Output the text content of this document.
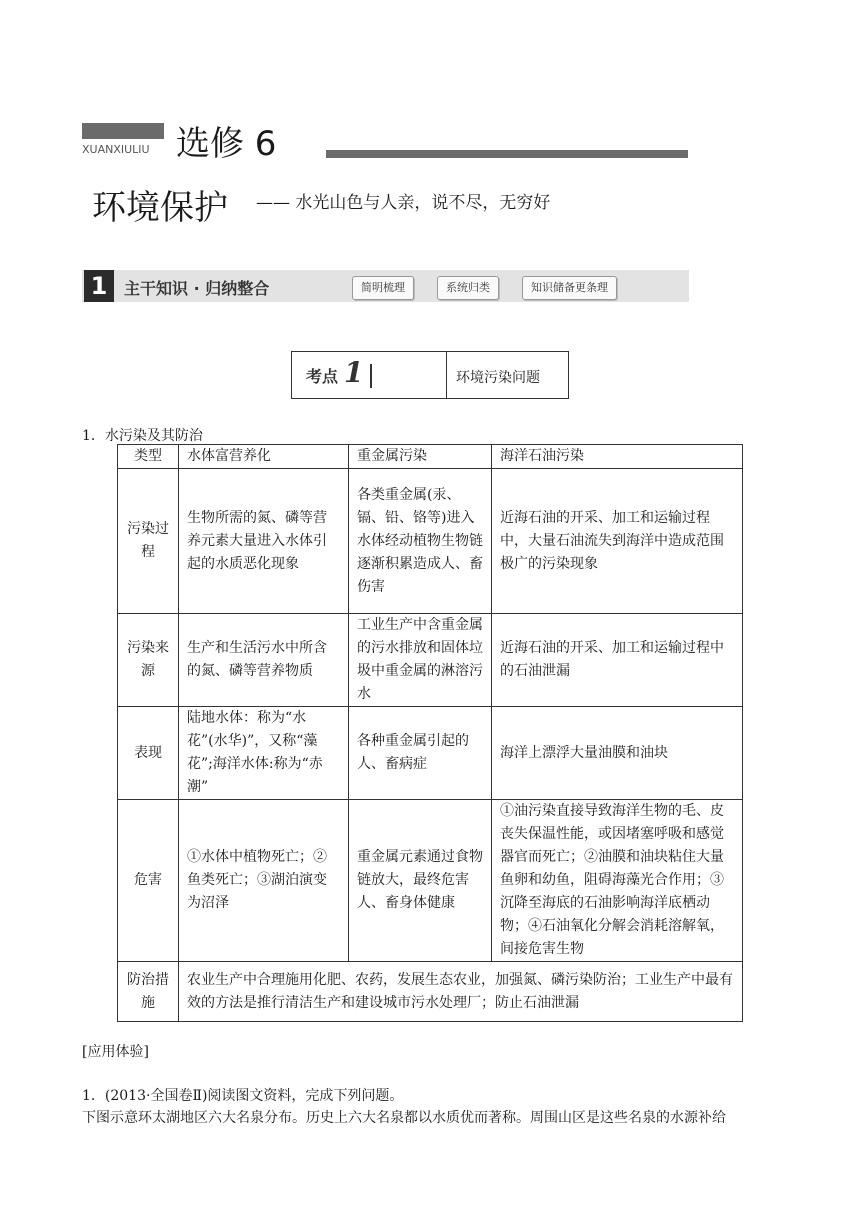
XUANXIULIU 选修 6
环境保护 —— 水光山色与人亲，说不尽，无穷好
1	主干知识 · 归纳整合	简明梳理	系统归类	知识储备更条理
考点 1	环境污染问题
1．水污染及其防治
类型	水体富营养化	重金属污染	海洋石油污染
污染过程	生物所需的氮、磷等营养元素大量进入水体引起的水质恶化现象	各类重金属(汞、镉、铅、铬等)进入水体经动植物生物链逐渐积累造成人、畜伤害	近海石油的开采、加工和运输过程中，大量石油流失到海洋中造成范围极广的污染现象
污染来源	生产和生活污水中所含的氮、磷等营养物质	工业生产中含重金属的污水排放和固体垃圾中重金属的淋溶污水	近海石油的开采、加工和运输过程中的石油泄漏
表现	陆地水体：称为“水花”(水华)”，又称“藻花”;海洋水体:称为“赤潮”	各种重金属引起的人、畜病症	海洋上漂浮大量油膜和油块
危害	①水体中植物死亡；②鱼类死亡；③湖泊演变为沼泽	重金属元素通过食物链放大，最终危害人、畜身体健康	①油污染直接导致海洋生物的毛、皮丧失保温性能，或因堵塞呼吸和感觉器官而死亡；②油膜和油块粘住大量鱼卵和幼鱼，阻碍海藻光合作用；③沉降至海底的石油影响海洋底栖动物；④石油氧化分解会消耗溶解氧，间接危害生物
防治措施	农业生产中合理施用化肥、农药，发展生态农业，加强氮、磷污染防治；工业生产中最有效的方法是推行清洁生产和建设城市污水处理厂；防止石油泄漏		
[应用体验]
1．(2013·全国卷Ⅱ)阅读图文资料，完成下列问题。
下图示意环太湖地区六大名泉分布。历史上六大名泉都以水质优而著称。周围山区是这些名泉的水源补给
